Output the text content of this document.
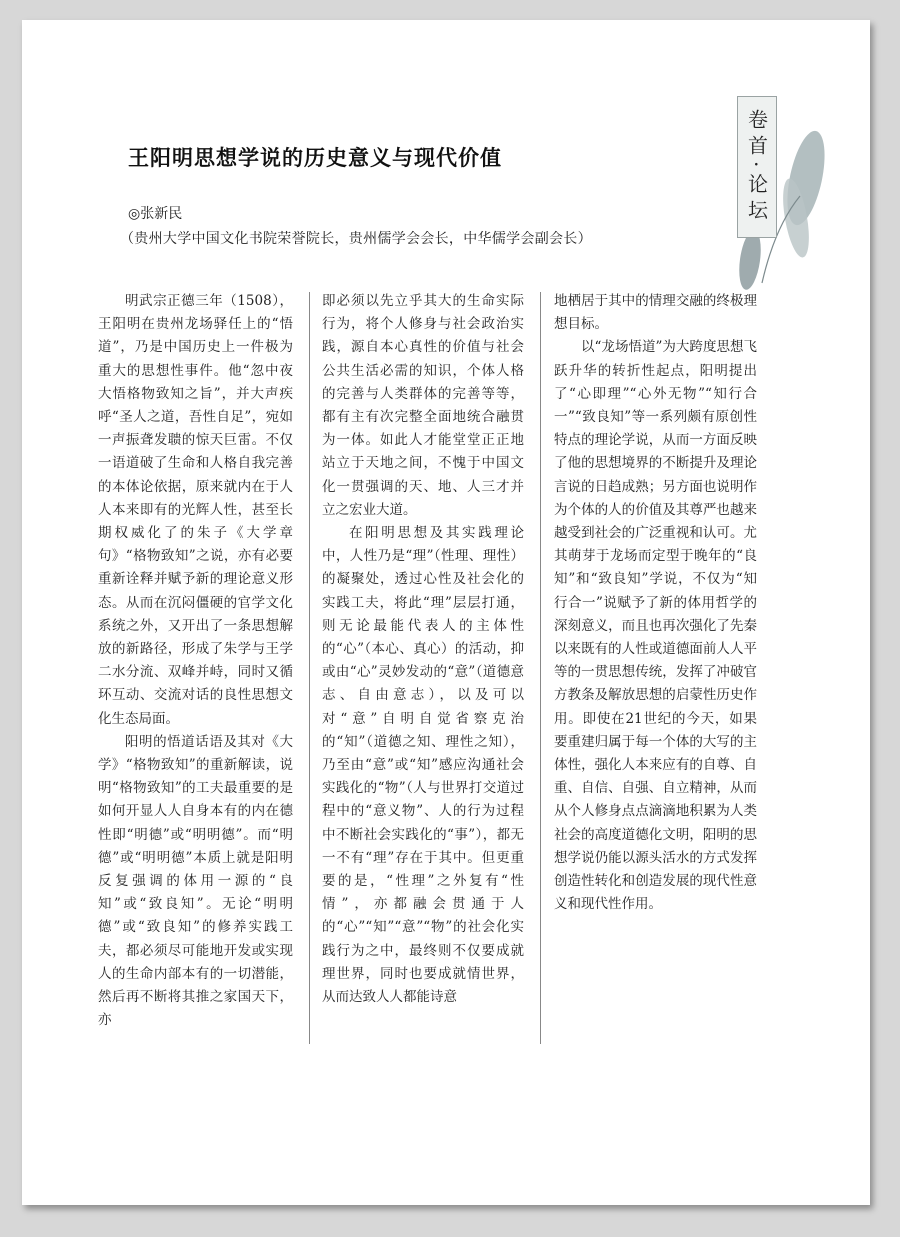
卷首·论坛
王阳明思想学说的历史意义与现代价值
◎张新民
（贵州大学中国文化书院荣誉院长，贵州儒学会会长，中华儒学会副会长）

明武宗正德三年（1508），王阳明在贵州龙场驿任上的“悟道”，乃是中国历史上一件极为重大的思想性事件。他“忽中夜大悟格物致知之旨”，并大声疾呼“圣人之道，吾性自足”，宛如一声振聋发聩的惊天巨雷。不仅一语道破了生命和人格自我完善的本体论依据，原来就内在于人人本来即有的光辉人性，甚至长期权威化了的朱子《大学章句》“格物致知”之说，亦有必要重新诠释并赋予新的理论意义形态。从而在沉闷僵硬的官学文化系统之外，又开出了一条思想解放的新路径，形成了朱学与王学二水分流、双峰并峙，同时又循环互动、交流对话的良性思想文化生态局面。

阳明的悟道话语及其对《大学》“格物致知”的重新解读，说明“格物致知”的工夫最重要的是如何开显人人自身本有的内在德性即“明德”或“明明德”。而“明德”或“明明德”本质上就是阳明反复强调的体用一源的“良知”或“致良知”。无论“明明德”或“致良知”的修养实践工夫，都必须尽可能地开发或实现人的生命内部本有的一切潜能，然后再不断将其推之家国天下，亦

即必须以先立乎其大的生命实际行为，将个人修身与社会政治实践，源自本心真性的价值与社会公共生活必需的知识，个体人格的完善与人类群体的完善等等，都有主有次完整全面地统合融贯为一体。如此人才能堂堂正正地站立于天地之间，不愧于中国文化一贯强调的天、地、人三才并立之宏业大道。

在阳明思想及其实践理论中，人性乃是“理”（性理、理性）的凝聚处，透过心性及社会化的实践工夫，将此“理”层层打通，则无论最能代表人的主体性的“心”（本心、真心）的活动，抑或由“心”灵妙发动的“意”（道德意志、自由意志），以及可以对“意”自明自觉省察克治的“知”（道德之知、理性之知），乃至由“意”或“知”感应沟通社会实践化的“物”（人与世界打交道过程中的“意义物”、人的行为过程中不断社会实践化的“事”），都无一不有“理”存在于其中。但更重要的是，“性理”之外复有“性情”，亦都融会贯通于人的“心”“知”“意”“物”的社会化实践行为之中，最终则不仅要成就理世界，同时也要成就情世界，从而达致人人都能诗意

地栖居于其中的情理交融的终极理想目标。

以“龙场悟道”为大跨度思想飞跃升华的转折性起点，阳明提出了“心即理”“心外无物”“知行合一”“致良知”等一系列颇有原创性特点的理论学说，从而一方面反映了他的思想境界的不断提升及理论言说的日趋成熟；另方面也说明作为个体的人的价值及其尊严也越来越受到社会的广泛重视和认可。尤其萌芽于龙场而定型于晚年的“良知”和“致良知”学说，不仅为“知行合一”说赋予了新的体用哲学的深刻意义，而且也再次强化了先秦以来既有的人性或道德面前人人平等的一贯思想传统，发挥了冲破官方教条及解放思想的启蒙性历史作用。即使在21世纪的今天，如果要重建归属于每一个体的大写的主体性，强化人本来应有的自尊、自重、自信、自强、自立精神，从而从个人修身点点滴滴地积累为人类社会的高度道德化文明，阳明的思想学说仍能以源头活水的方式发挥创造性转化和创造发展的现代性意义和现代性作用。
